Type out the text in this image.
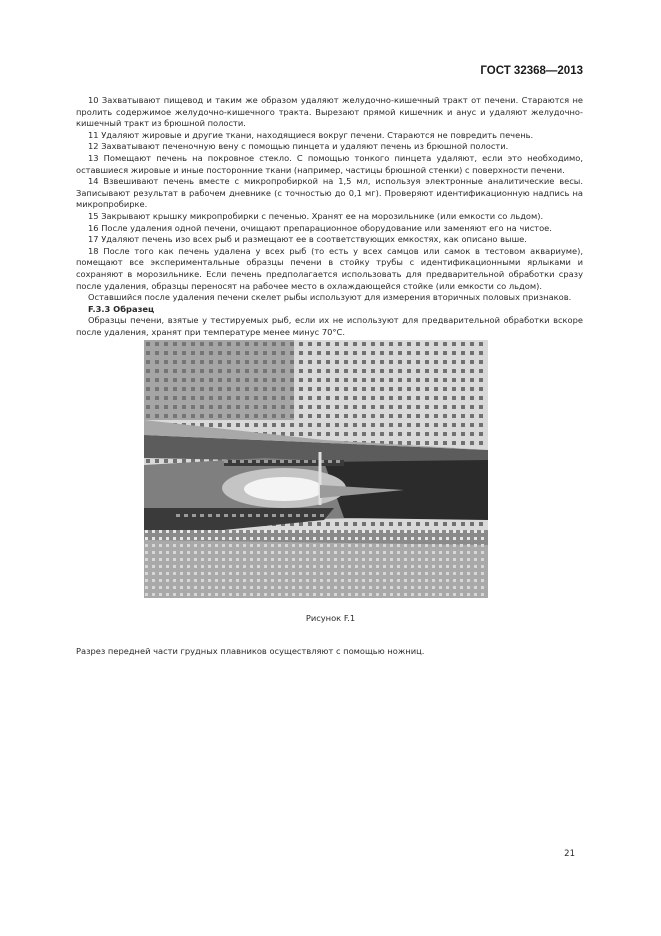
ГОСТ 32368—2013

10 Захватывают пищевод и таким же образом удаляют желудочно-кишечный тракт от печени. Стараются не пролить содержимое желудочно-кишечного тракта. Вырезают прямой кишечник и анус и удаляют желудочно-кишечный тракт из брюшной полости.

11 Удаляют жировые и другие ткани, находящиеся вокруг печени. Стараются не повредить печень.

12 Захватывают печеночную вену с помощью пинцета и удаляют печень из брюшной полости.

13 Помещают печень на покровное стекло. С помощью тонкого пинцета удаляют, если это необходимо, оставшиеся жировые и иные посторонние ткани (например, частицы брюшной стенки) с поверхности печени.

14 Взвешивают печень вместе с микропробиркой на 1,5 мл, используя электронные аналитические весы. Записывают результат в рабочем дневнике (с точностью до 0,1 мг). Проверяют идентификационную надпись на микропробирке.

15 Закрывают крышку микропробирки с печенью. Хранят ее на морозильнике (или емкости со льдом).

16 После удаления одной печени, очищают препарационное оборудование или заменяют его на чистое.

17 Удаляют печень изо всех рыб и размещают ее в соответствующих емкостях, как описано выше.

18 После того как печень удалена у всех рыб (то есть у всех самцов или самок в тестовом аквариуме), помещают все экспериментальные образцы печени в стойку трубы с идентификационными ярлыками и сохраняют в морозильнике. Если печень предполагается использовать для предварительной обработки сразу после удаления, образцы переносят на рабочее место в охлаждающейся стойке (или емкости со льдом).

Оставшийся после удаления печени скелет рыбы используют для измерения вторичных половых признаков.

F.3.3 Образец

Образцы печени, взятые у тестируемых рыб, если их не используют для предварительной обработки вскоре после удаления, хранят при температуре менее минус 70°С.

Рисунок F.1
Разрез передней части грудных плавников осуществляют с помощью ножниц.
21
